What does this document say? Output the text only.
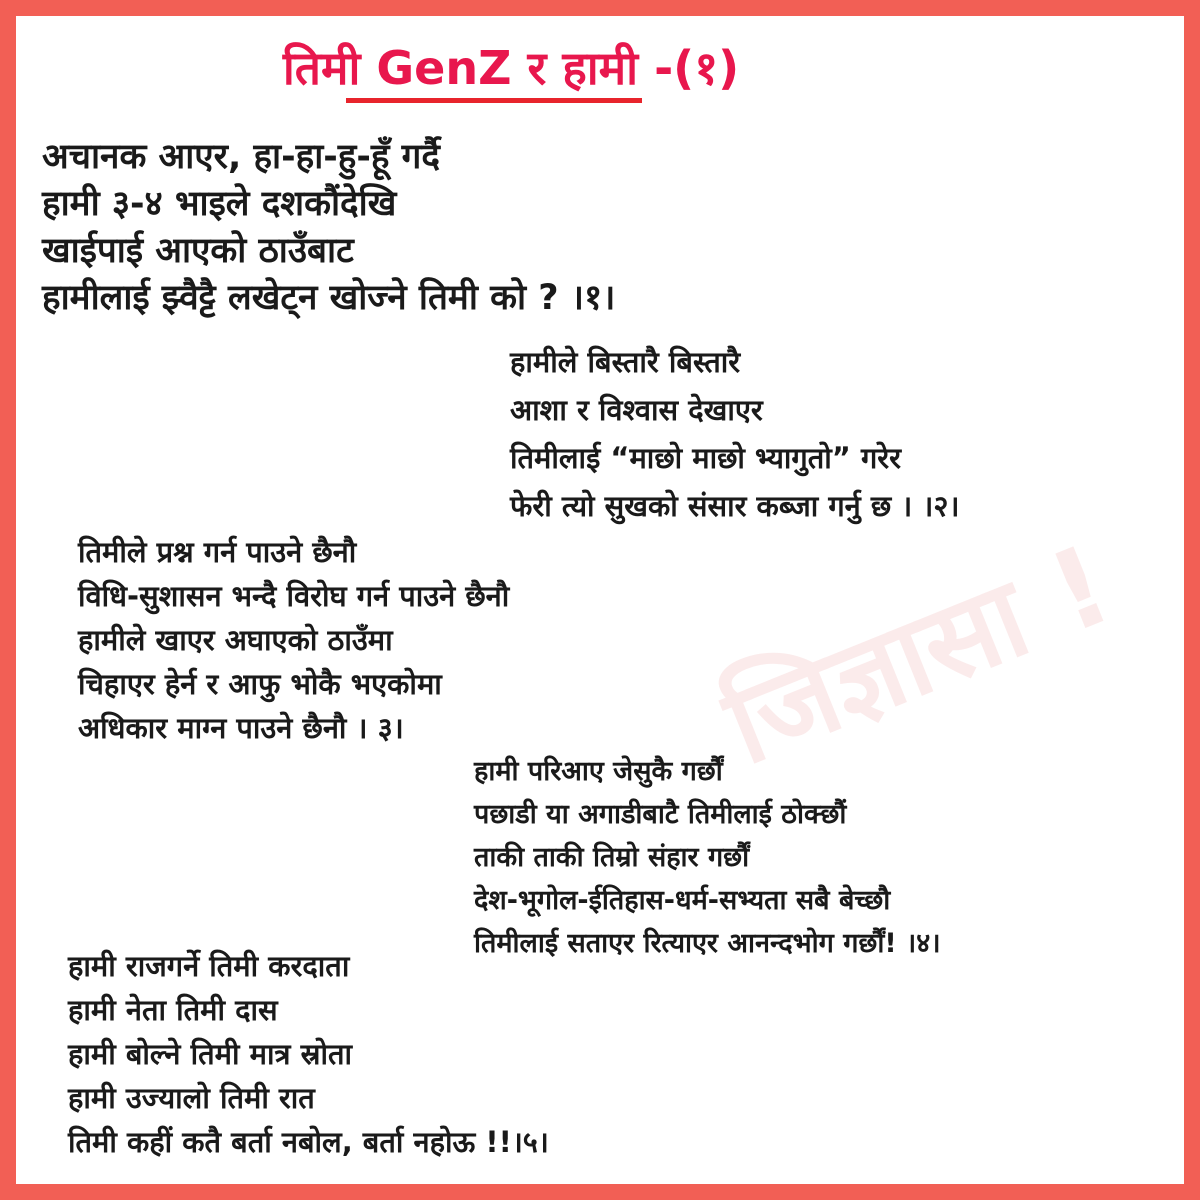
जिज्ञासा !
तिमी GenZ र हामी -(१)
अचानक आएर, हा-हा-हु-हूँ गर्दै
हामी ३-४ भाइले दशकौंदेखि
खाईपाई आएको ठाउँबाट
हामीलाई झ्वैट्टै लखेट्न खोज्ने तिमी को ? ।१।
हामीले बिस्तारै बिस्तारै
आशा र विश्वास देखाएर
तिमीलाई “माछो माछो भ्यागुतो” गरेर
फेरी त्यो सुखको संसार कब्जा गर्नु छ । ।२।
तिमीले प्रश्न गर्न पाउने छैनौ
विधि-सुशासन भन्दै विरोघ गर्न पाउने छैनौ
हामीले खाएर अघाएको ठाउँमा
चिहाएर हेर्न र आफु भोकै भएकोमा
अधिकार माग्न पाउने छैनौ । ३।
हामी परिआए जेसुकै गर्छौं
पछाडी या अगाडीबाटै तिमीलाई ठोक्छौं
ताकी ताकी तिम्रो संहार गर्छौं
देश-भूगोल-ईतिहास-धर्म-सभ्यता सबै बेच्छौ
तिमीलाई सताएर रित्याएर आनन्दभोग गर्छौं! ।४।
हामी राजगर्ने तिमी करदाता
हामी नेता तिमी दास
हामी बोल्ने तिमी मात्र स्रोता
हामी उज्यालो तिमी रात
तिमी कहीं कतै बर्ता नबोल, बर्ता नहोऊ !!।५।
